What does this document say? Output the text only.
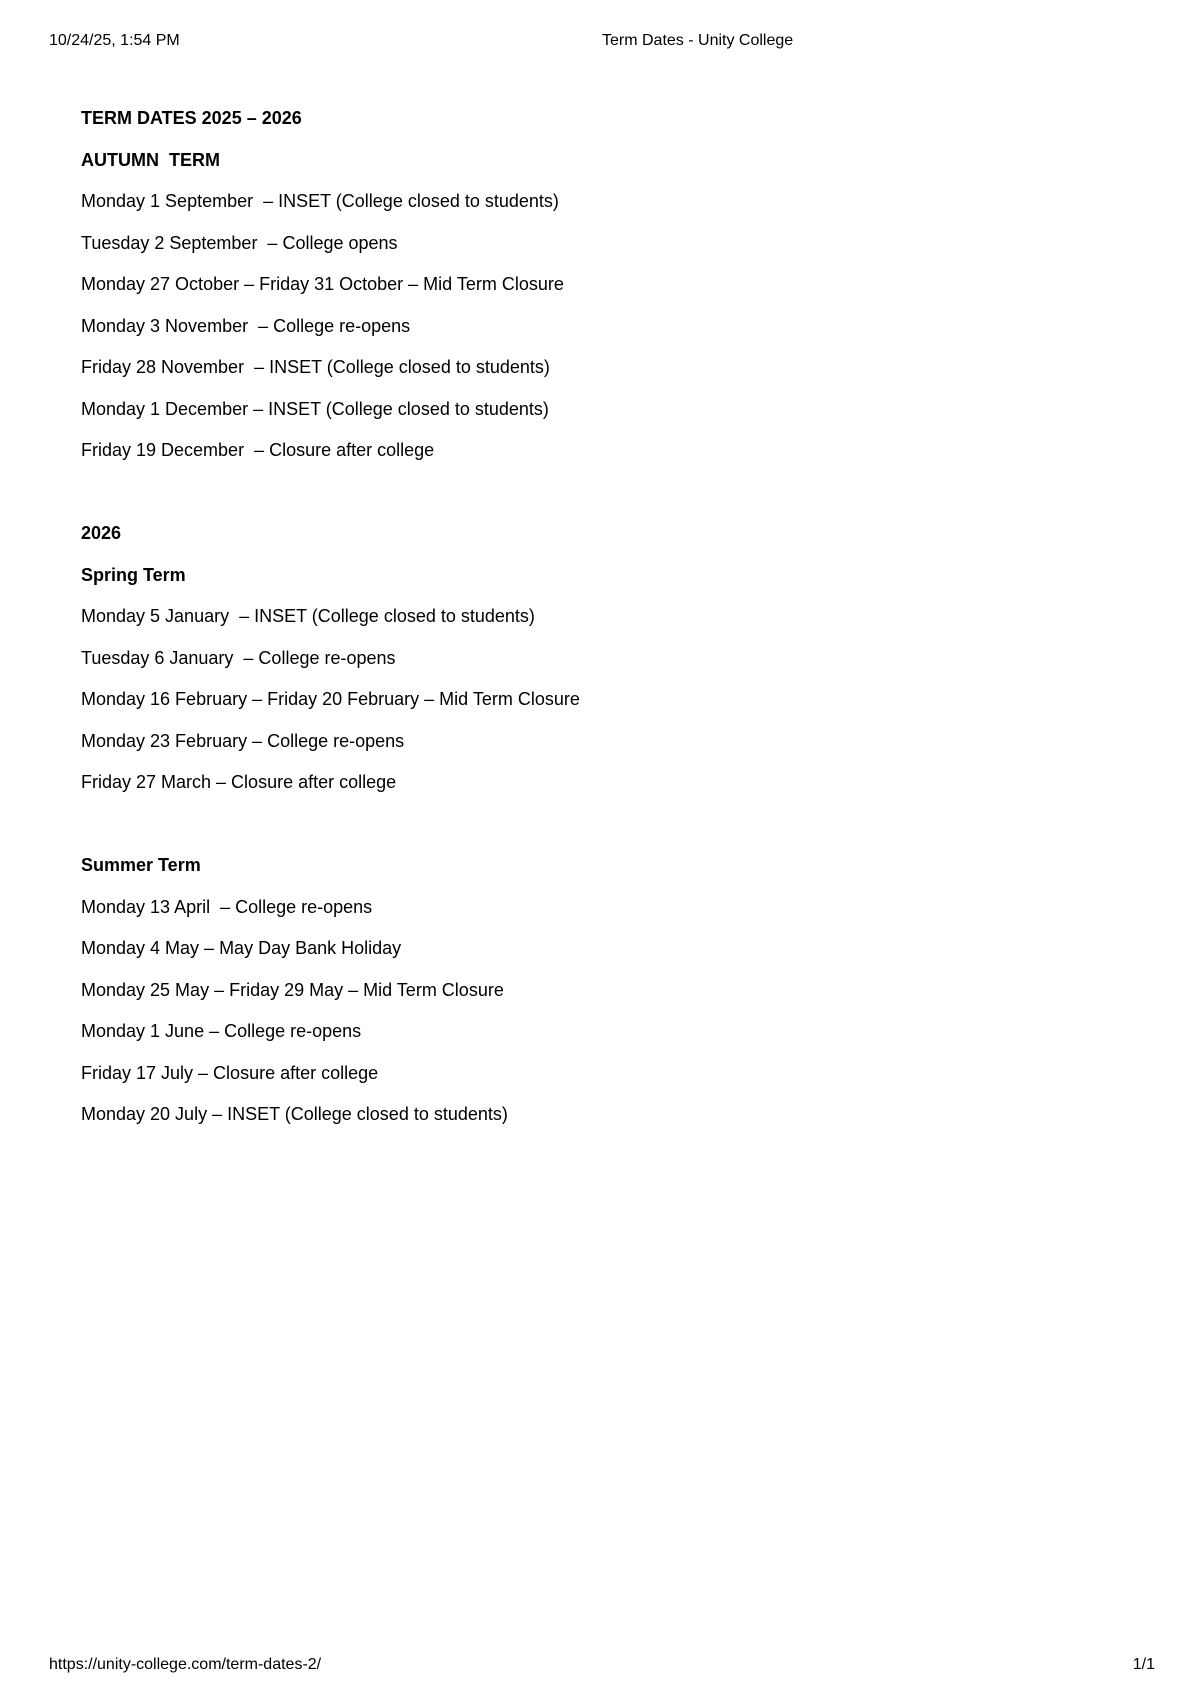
10/24/25, 1:54 PM	Term Dates - Unity College
TERM DATES 2025 – 2026
AUTUMN  TERM
Monday 1 September  – INSET (College closed to students)
Tuesday 2 September  – College opens
Monday 27 October – Friday 31 October – Mid Term Closure
Monday 3 November  – College re-opens
Friday 28 November  – INSET (College closed to students)
Monday 1 December – INSET (College closed to students)
Friday 19 December  – Closure after college
2026
Spring Term
Monday 5 January  – INSET (College closed to students)
Tuesday 6 January  – College re-opens
Monday 16 February – Friday 20 February – Mid Term Closure
Monday 23 February – College re-opens
Friday 27 March – Closure after college
Summer Term
Monday 13 April  – College re-opens
Monday 4 May – May Day Bank Holiday
Monday 25 May – Friday 29 May – Mid Term Closure
Monday 1 June – College re-opens
Friday 17 July – Closure after college
Monday 20 July – INSET (College closed to students)
https://unity-college.com/term-dates-2/	1/1
